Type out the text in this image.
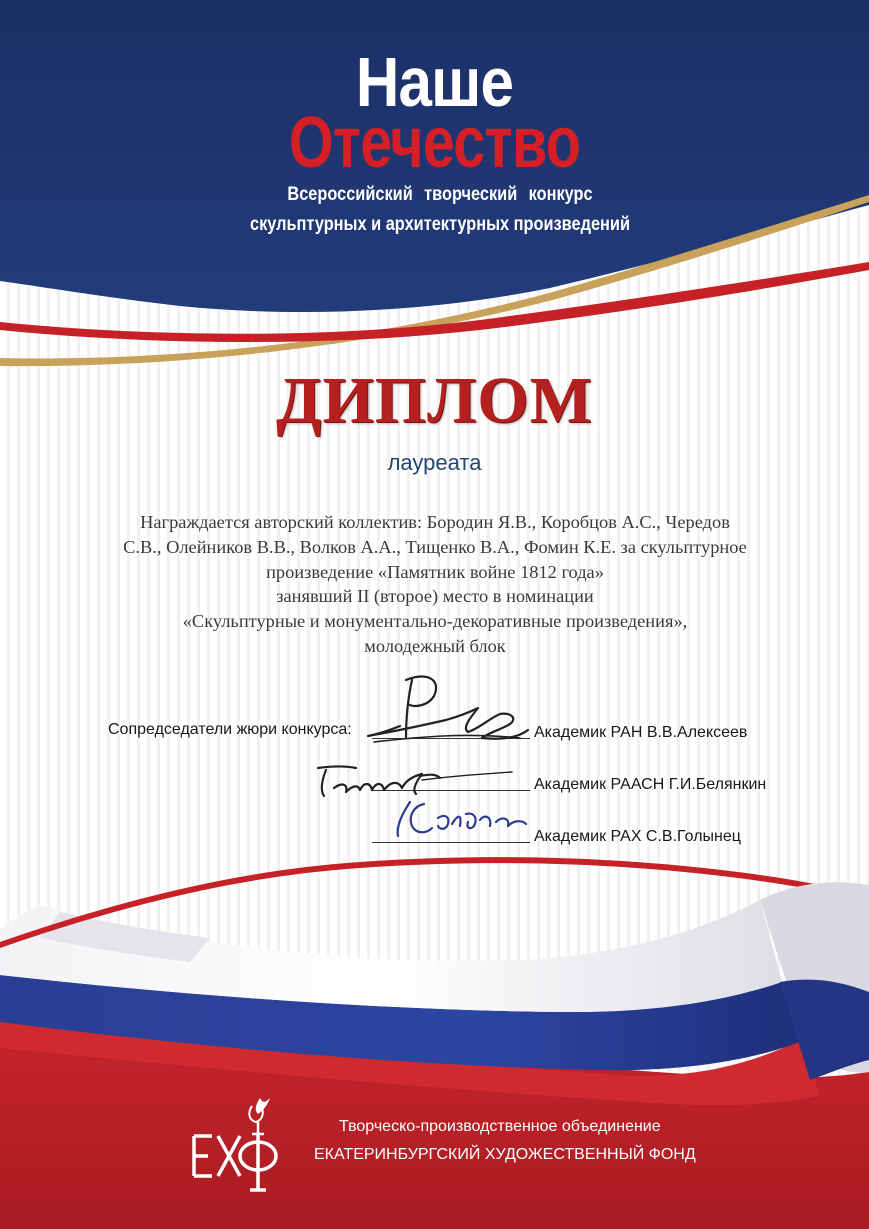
Наше
Отечество
Всероссийский творческий конкурс
скульптурных и архитектурных произведений
ДИПЛОМ
лауреата
Награждается авторский коллектив: Бородин Я.В., Коробцов А.С., Чередов
С.В., Олейников В.В., Волков А.А., Тищенко В.А., Фомин К.Е. за скульптурное
произведение «Памятник войне 1812 года»
занявший II (второе) место в номинации
«Скульптурные и монументально-декоративные произведения»,
молодежный блок
Сопредседатели жюри конкурса:	Академик РАН В.В.Алексеев
Академик РААСН Г.И.Белянкин
Академик РАХ С.В.Голынец
Творческо-производственное объединение
ЕКАТЕРИНБУРГСКИЙ ХУДОЖЕСТВЕННЫЙ ФОНД
